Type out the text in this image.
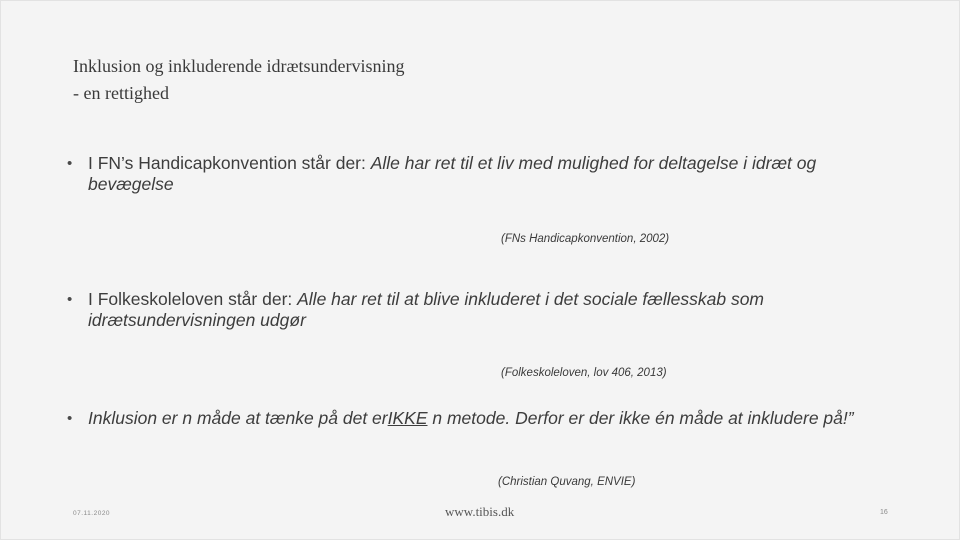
Inklusion og inkluderende idrætsundervisning
- en rettighed
• I FN’s Handicapkonvention står der: Alle har ret til et liv med mulighed for deltagelse i idræt og bevægelse
(FNs Handicapkonvention, 2002)
• I Folkeskoleloven står der: Alle har ret til at blive inkluderet i det sociale fællesskab som idrætsundervisningen udgør
(Folkeskoleloven, lov 406, 2013)
• Inklusion er n måde at tænke på det erIKKE n metode. Derfor er der ikke én måde at inkludere på!”
(Christian Quvang, ENVIE)
07.11.2020	www.tibis.dk	16
